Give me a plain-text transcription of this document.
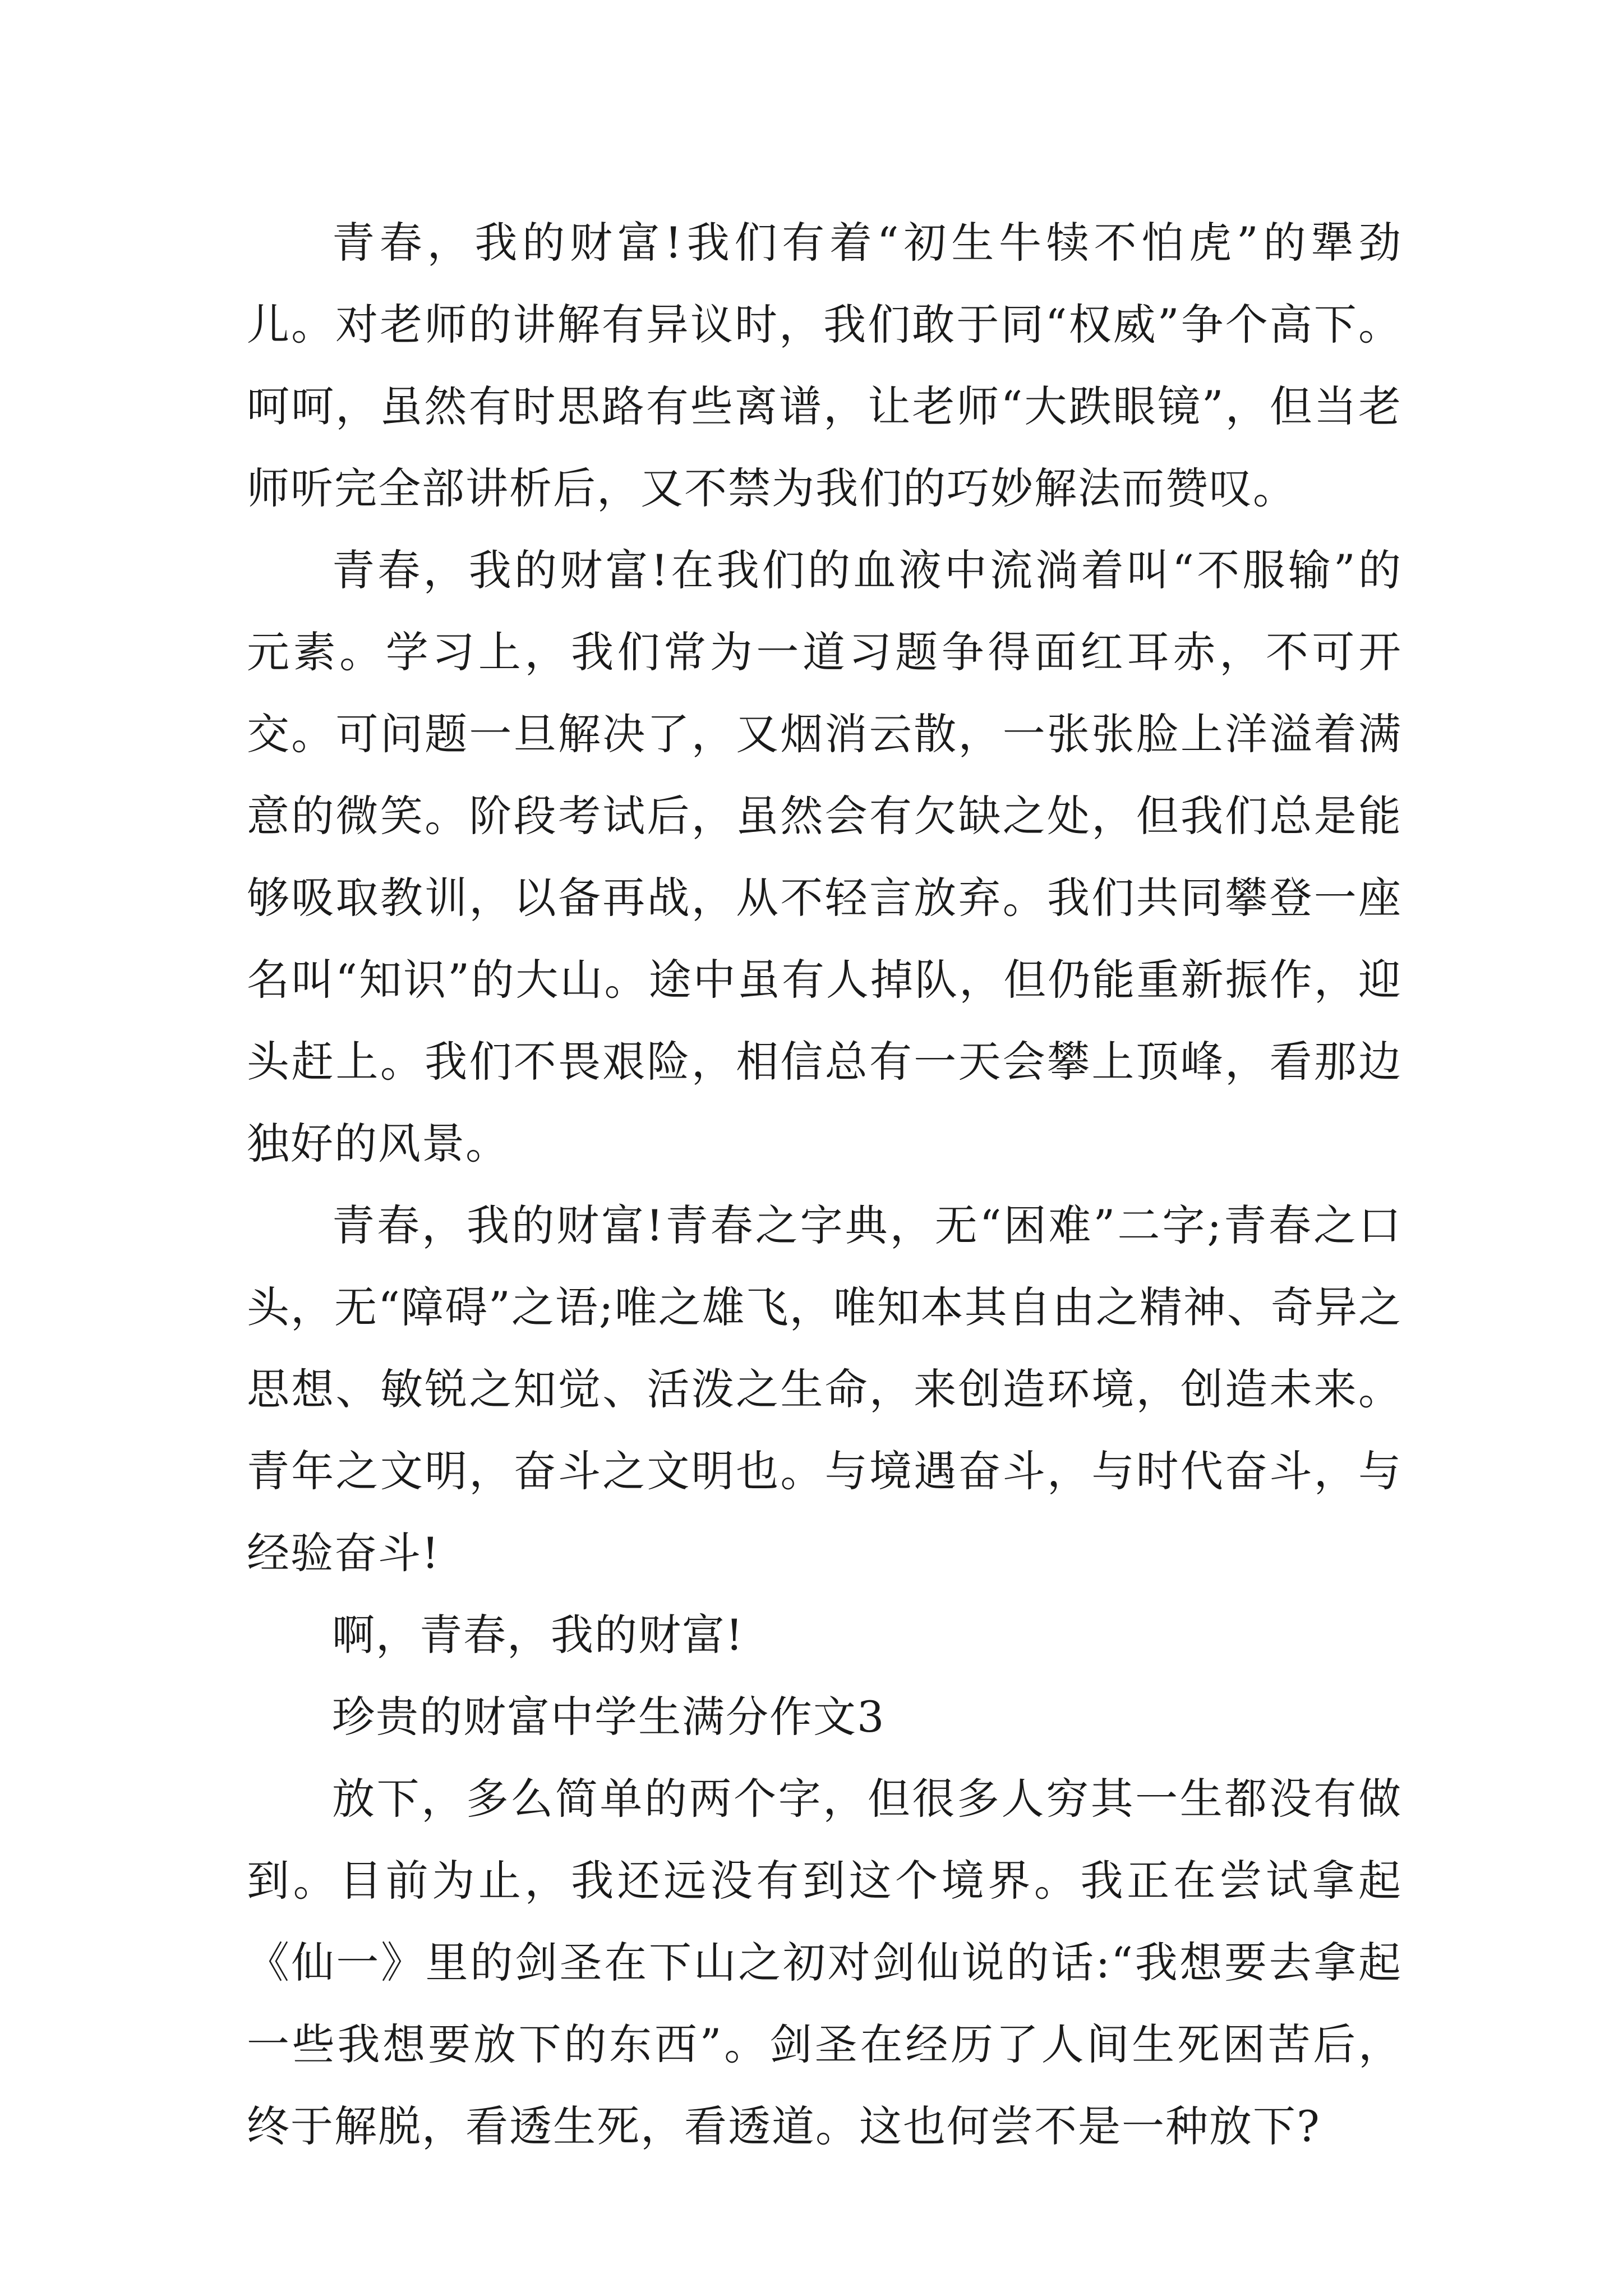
青春，我的财富!我们有着“初生牛犊不怕虎”的犟劲儿。对老师的讲解有异议时，我们敢于同“权威”争个高下。呵呵，虽然有时思路有些离谱，让老师“大跌眼镜”，但当老师听完全部讲析后，又不禁为我们的巧妙解法而赞叹。

青春，我的财富!在我们的血液中流淌着叫“不服输”的元素。学习上，我们常为一道习题争得面红耳赤，不可开交。可问题一旦解决了，又烟消云散，一张张脸上洋溢着满意的微笑。阶段考试后，虽然会有欠缺之处，但我们总是能够吸取教训，以备再战，从不轻言放弃。我们共同攀登一座名叫“知识”的大山。途中虽有人掉队，但仍能重新振作，迎头赶上。我们不畏艰险，相信总有一天会攀上顶峰，看那边独好的风景。

青春，我的财富!青春之字典，无“困难”二字;青春之口头，无“障碍”之语;唯之雄飞，唯知本其自由之精神、奇异之思想、敏锐之知觉、活泼之生命，来创造环境，创造未来。青年之文明，奋斗之文明也。与境遇奋斗，与时代奋斗，与经验奋斗!

啊，青春，我的财富!

珍贵的财富中学生满分作文3

放下，多么简单的两个字，但很多人穷其一生都没有做到。目前为止，我还远没有到这个境界。我正在尝试拿起《仙一》里的剑圣在下山之初对剑仙说的话:“我想要去拿起一些我想要放下的东西”。剑圣在经历了人间生死困苦后，终于解脱，看透生死，看透道。这也何尝不是一种放下?
